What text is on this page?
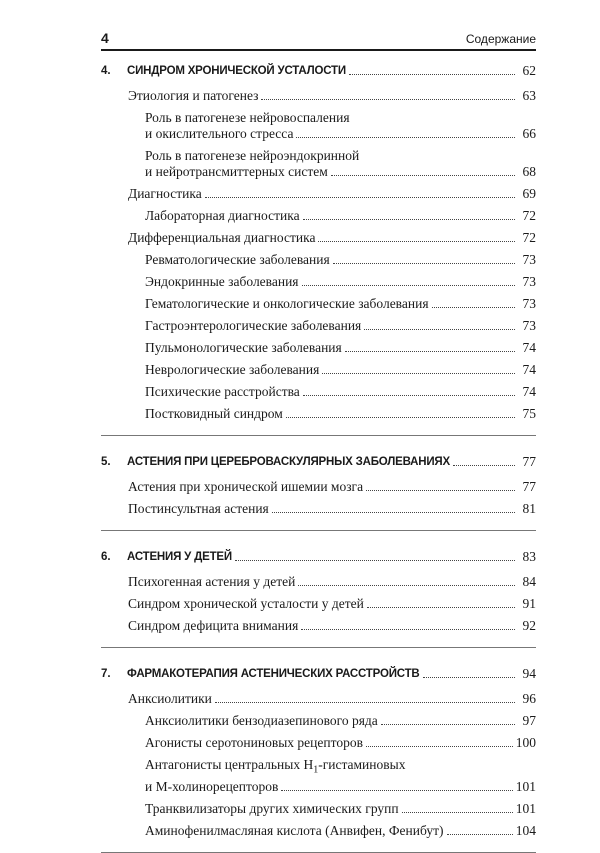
4	Содержание
4.	СИНДРОМ ХРОНИЧЕСКОЙ УСТАЛОСТИ	62
Этиология и патогенез	63
Роль в патогенезе нейровоспаления
и окислительного стресса	66
Роль в патогенезе нейроэндокринной
и нейротрансмиттерных систем	68
Диагностика	69
Лабораторная диагностика	72
Дифференциальная диагностика	72
Ревматологические заболевания	73
Эндокринные заболевания	73
Гематологические и онкологические заболевания	73
Гастроэнтерологические заболевания	73
Пульмонологические заболевания	74
Неврологические заболевания	74
Психические расстройства	74
Постковидный синдром	75
5.	АСТЕНИЯ ПРИ ЦЕРЕБРОВАСКУЛЯРНЫХ ЗАБОЛЕВАНИЯХ	77
Астения при хронической ишемии мозга	77
Постинсультная астения	81
6.	АСТЕНИЯ У ДЕТЕЙ	83
Психогенная астения у детей	84
Синдром хронической усталости у детей	91
Синдром дефицита внимания	92
7.	ФАРМАКОТЕРАПИЯ АСТЕНИЧЕСКИХ РАССТРОЙСТВ	94
Анксиолитики	96
Анксиолитики бензодиазепинового ряда	97
Агонисты серотониновых рецепторов	100
Антагонисты центральных $H_1$-гистаминовых
и М-холинорецепторов	101
Транквилизаторы других химических групп	101
Аминофенилмасляная кислота (Анвифен, Фенибут)	104
